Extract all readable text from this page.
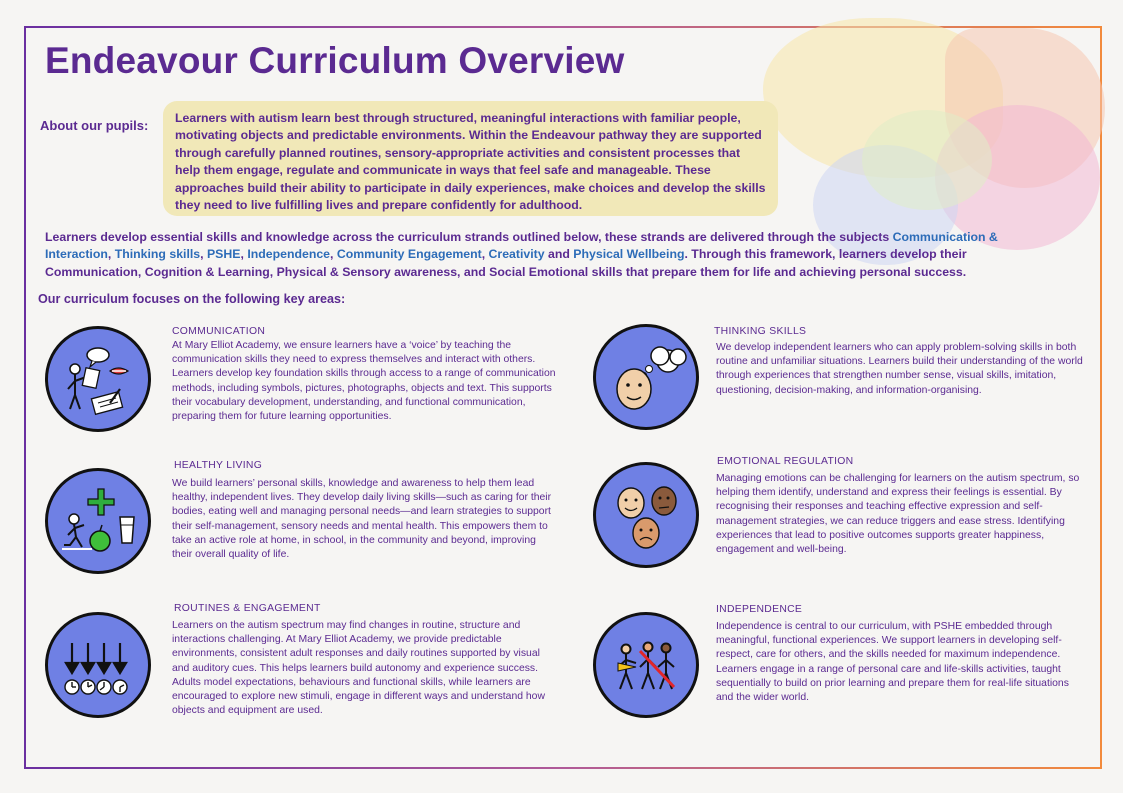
Endeavour Curriculum Overview
About our pupils:	Learners with autism learn best through structured, meaningful interactions with familiar people, motivating objects and predictable environments. Within the Endeavour pathway they are supported through carefully planned routines, sensory-appropriate activities and consistent processes that help them engage, regulate and communicate in ways that feel safe and manageable. These approaches build their ability to participate in daily experiences, make choices and develop the skills they need to live fulfilling lives and prepare confidently for adulthood.
Learners develop essential skills and knowledge across the curriculum strands outlined below, these strands are delivered through the subjects Communication & Interaction, Thinking skills, PSHE, Independence, Community Engagement, Creativity and Physical Wellbeing. Through this framework, learners develop their Communication, Cognition & Learning, Physical & Sensory awareness, and Social Emotional skills that prepare them for life and achieving personal success.
Our curriculum focuses on the following key areas:
COMMUNICATION
At Mary Elliot Academy, we ensure learners have a ‘voice’ by teaching the communication skills they need to express themselves and interact with others. Learners develop key foundation skills through access to a range of communication methods, including symbols, pictures, photographs, objects and text. This supports their vocabulary development, understanding, and functional communication, preparing them for future learning opportunities.
THINKING SKILLS
We develop independent learners who can apply problem-solving skills in both routine and unfamiliar situations. Learners build their understanding of the world through experiences that strengthen number sense, visual skills, imitation, questioning, decision-making, and information-organising.
HEALTHY LIVING
We build learners’ personal skills, knowledge and awareness to help them lead healthy, independent lives. They develop daily living skills—such as caring for their bodies, eating well and managing personal needs—and learn strategies to support their self-management, sensory needs and mental health. This empowers them to take an active role at home, in school, in the community and beyond, improving their overall quality of life.
EMOTIONAL REGULATION
Managing emotions can be challenging for learners on the autism spectrum, so helping them identify, understand and express their feelings is essential. By recognising their responses and teaching effective expression and self-management strategies, we can reduce triggers and ease stress. Identifying experiences that lead to positive outcomes supports greater happiness, engagement and well-being.
ROUTINES & ENGAGEMENT
Learners on the autism spectrum may find changes in routine, structure and interactions challenging. At Mary Elliot Academy, we provide predictable environments, consistent adult responses and daily routines supported by visual and auditory cues. This helps learners build autonomy and experience success. Adults model expectations, behaviours and functional skills, while learners are encouraged to explore new stimuli, engage in different ways and understand how objects and equipment are used.
INDEPENDENCE
Independence is central to our curriculum, with PSHE embedded through meaningful, functional experiences. We support learners in developing self-respect, care for others, and the skills needed for maximum independence. Learners engage in a range of personal care and life-skills activities, taught sequentially to build on prior learning and prepare them for real-life situations and the wider world.
